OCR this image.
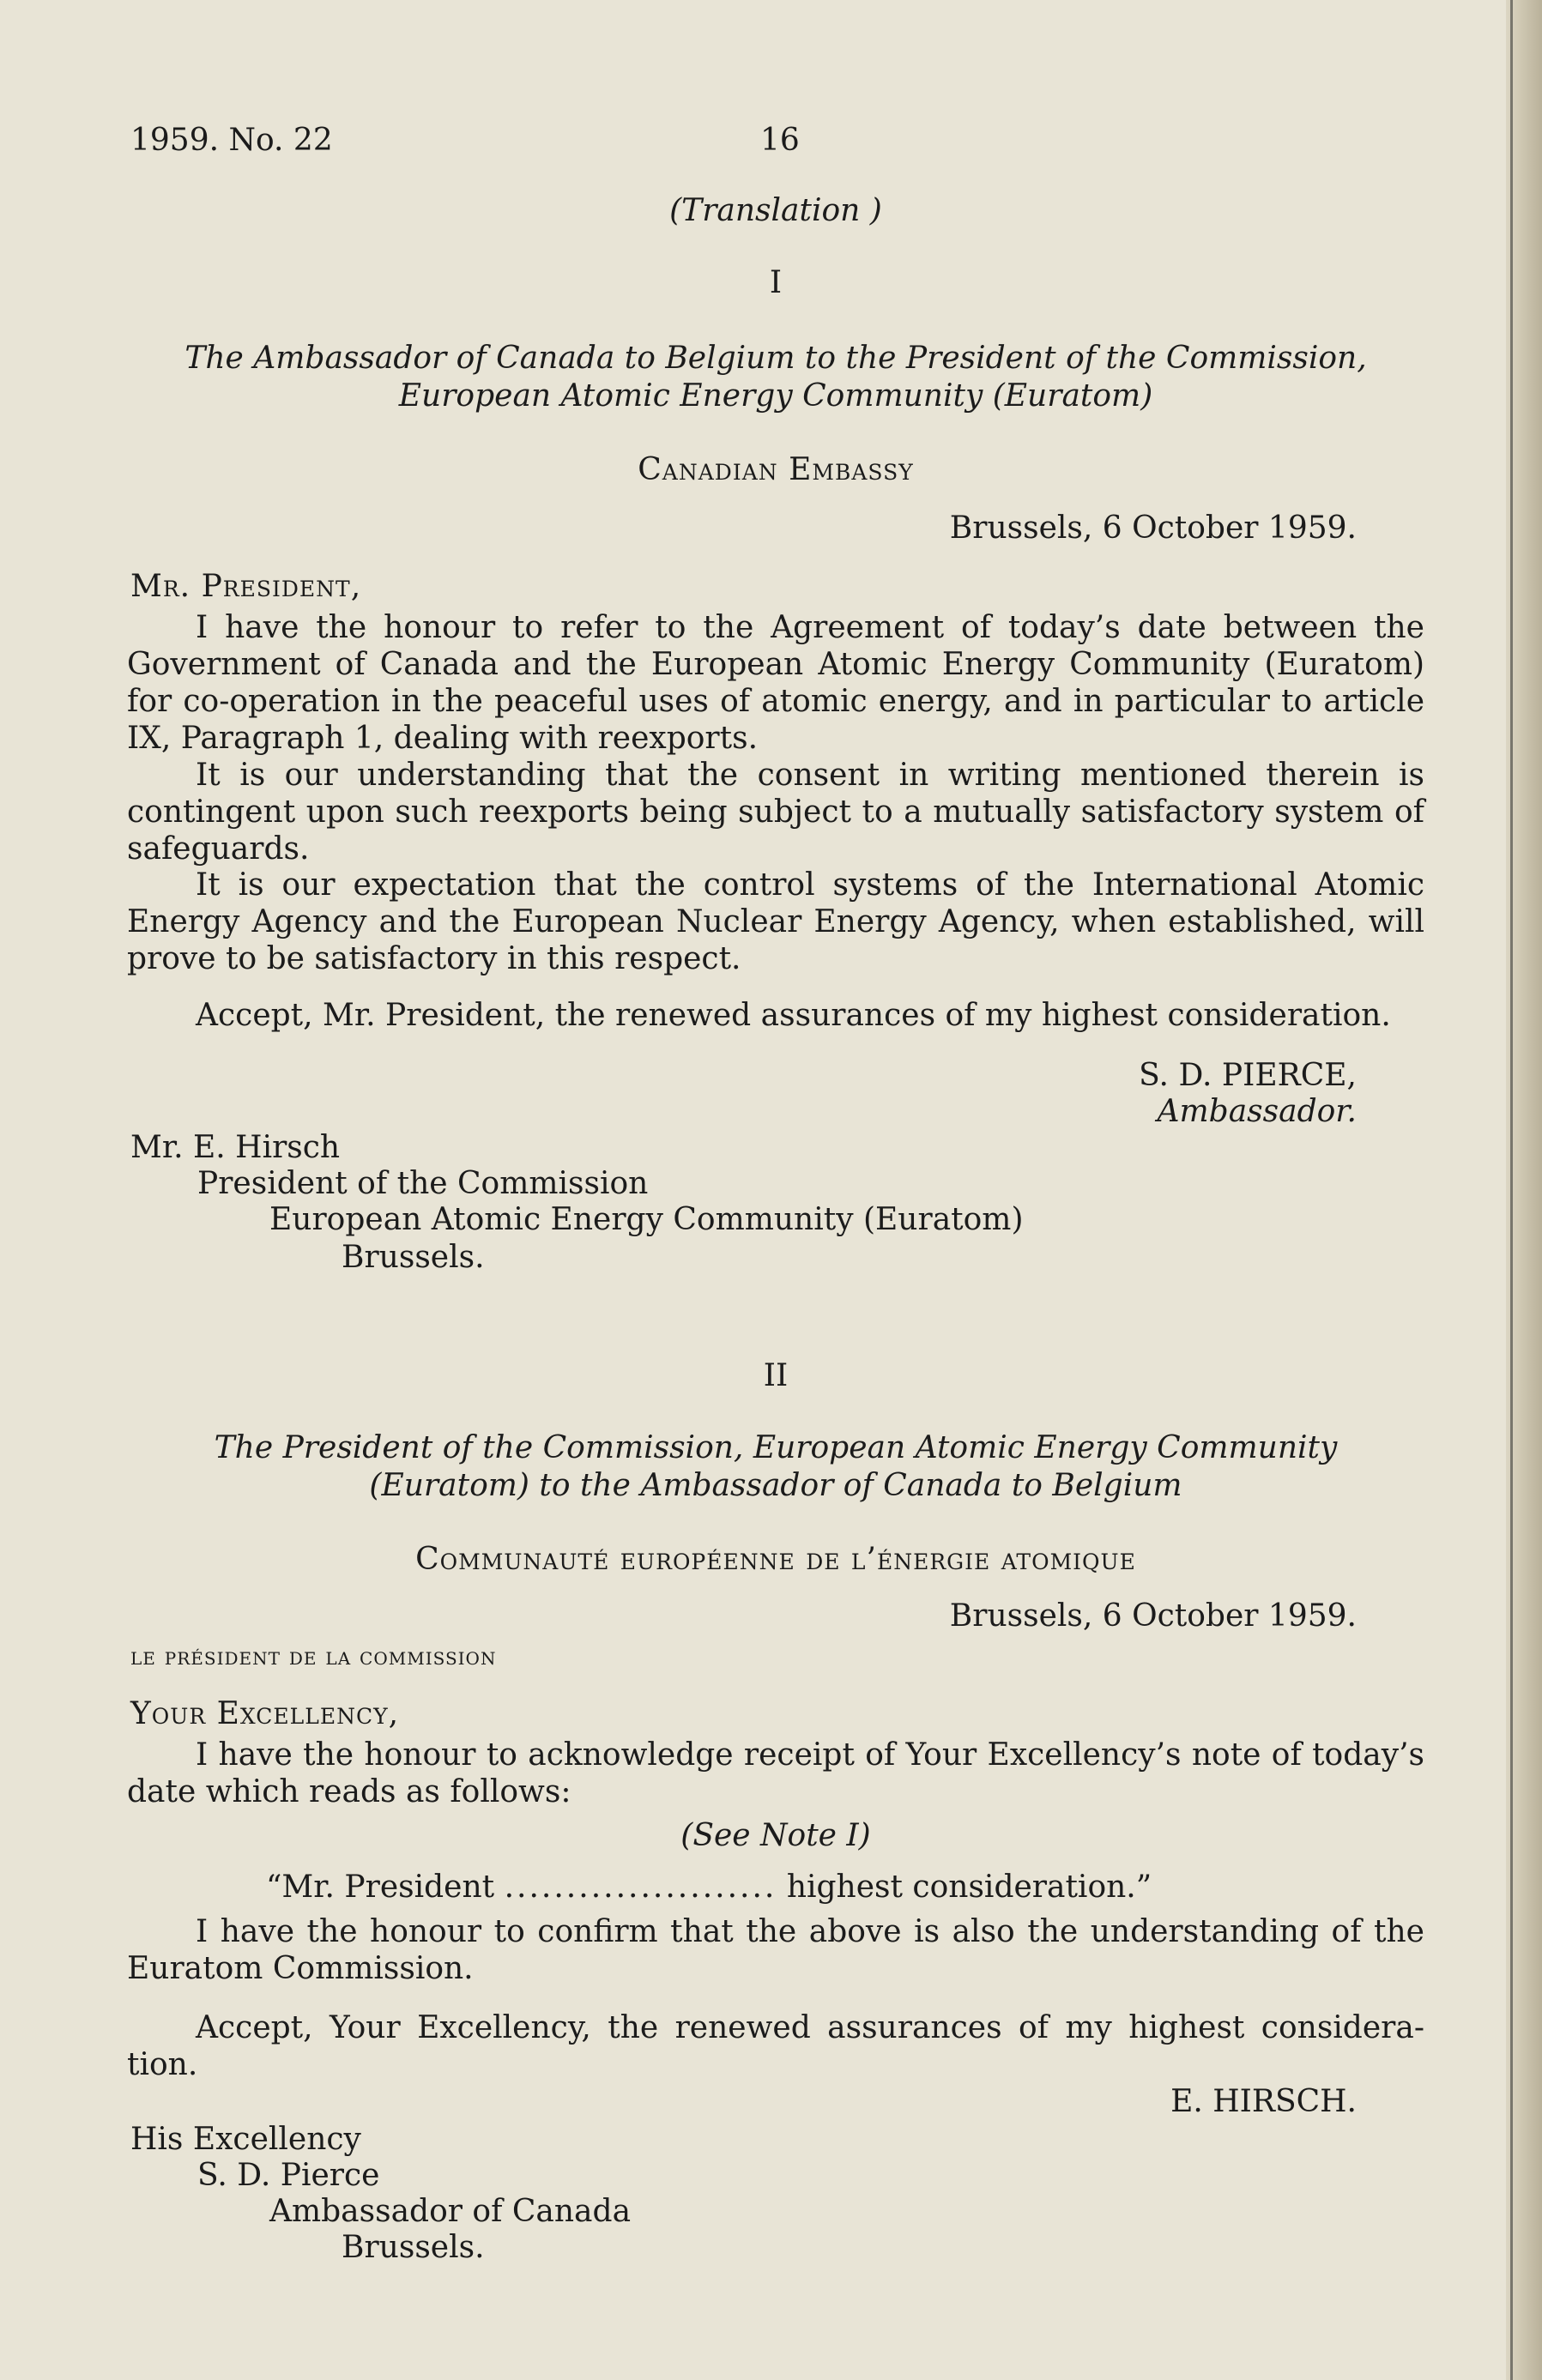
1959. No. 22	16
(Translation )
I
The Ambassador of Canada to Belgium to the President of the Commission,
European Atomic Energy Community (Euratom)
Canadian Embassy
Brussels, 6 October 1959.
Mr. President,
I have the honour to refer to the Agreement of today’s date between the Government of Canada and the European Atomic Energy Community (Euratom) for co-operation in the peaceful uses of atomic energy, and in particular to article IX, Paragraph 1, dealing with reexports.
It is our understanding that the consent in writing mentioned therein is contingent upon such reexports being subject to a mutually satisfactory system of safeguards.
It is our expectation that the control systems of the International Atomic Energy Agency and the European Nuclear Energy Agency, when established, will prove to be satisfactory in this respect.
Accept, Mr. President, the renewed assurances of my highest consideration.
S. D. PIERCE,
Ambassador.
Mr. E. Hirsch
President of the Commission
European Atomic Energy Community (Euratom)
Brussels.
II
The President of the Commission, European Atomic Energy Community
(Euratom) to the Ambassador of Canada to Belgium
Communauté européenne de l’énergie atomique
Brussels, 6 October 1959.
le président de la commission
Your Excellency,
I have the honour to acknowledge receipt of Your Excellency’s note of today’s date which reads as follows:
(See Note I)
“Mr. President ...................... highest consideration.”
I have the honour to confirm that the above is also the understanding of the Euratom Commission.
Accept, Your Excellency, the renewed assurances of my highest considera-tion.
E. HIRSCH.
His Excellency
S. D. Pierce
Ambassador of Canada
Brussels.
